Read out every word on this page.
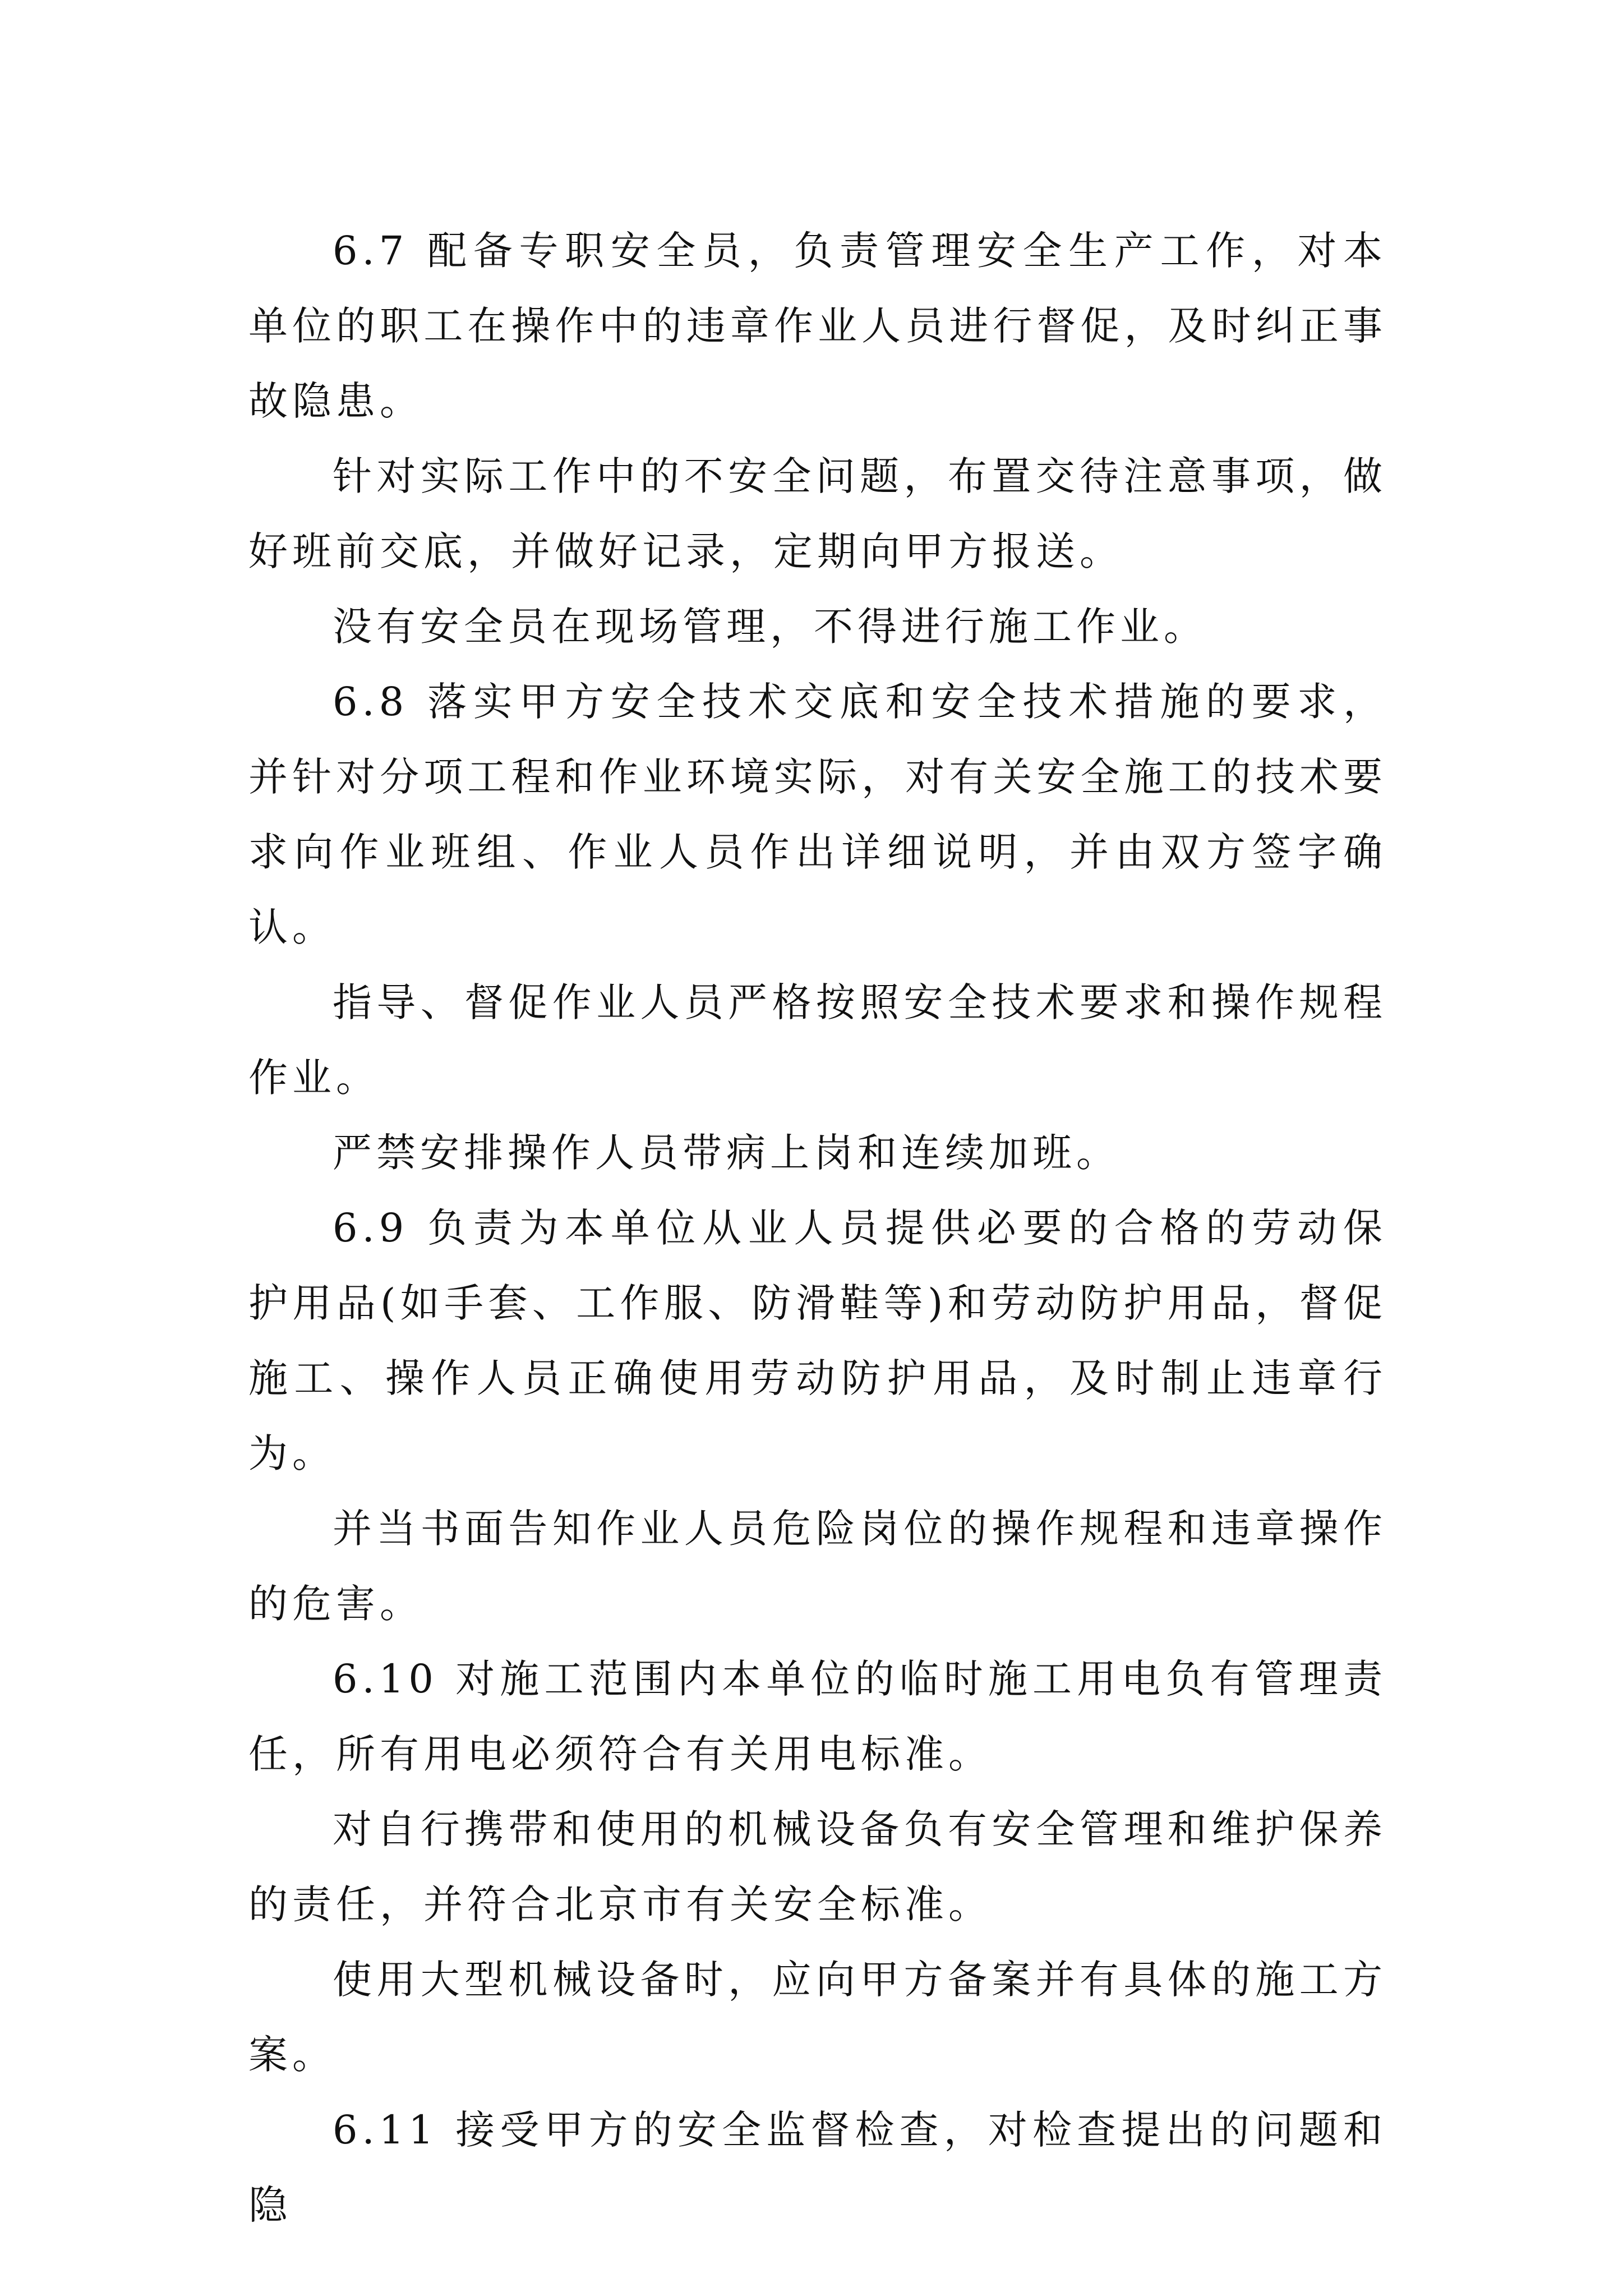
6.7 配备专职安全员，负责管理安全生产工作，对本单位的职工在操作中的违章作业人员进行督促，及时纠正事故隐患。

针对实际工作中的不安全问题，布置交待注意事项，做好班前交底，并做好记录，定期向甲方报送。

没有安全员在现场管理，不得进行施工作业。

6.8 落实甲方安全技术交底和安全技术措施的要求，并针对分项工程和作业环境实际，对有关安全施工的技术要求向作业班组、作业人员作出详细说明，并由双方签字确认。

指导、督促作业人员严格按照安全技术要求和操作规程作业。

严禁安排操作人员带病上岗和连续加班。

6.9 负责为本单位从业人员提供必要的合格的劳动保护用品(如手套、工作服、防滑鞋等)和劳动防护用品，督促施工、操作人员正确使用劳动防护用品，及时制止违章行为。

并当书面告知作业人员危险岗位的操作规程和违章操作的危害。

6.10 对施工范围内本单位的临时施工用电负有管理责任，所有用电必须符合有关用电标准。

对自行携带和使用的机械设备负有安全管理和维护保养的责任，并符合北京市有关安全标准。

使用大型机械设备时，应向甲方备案并有具体的施工方案。

6.11 接受甲方的安全监督检查，对检查提出的问题和隐
